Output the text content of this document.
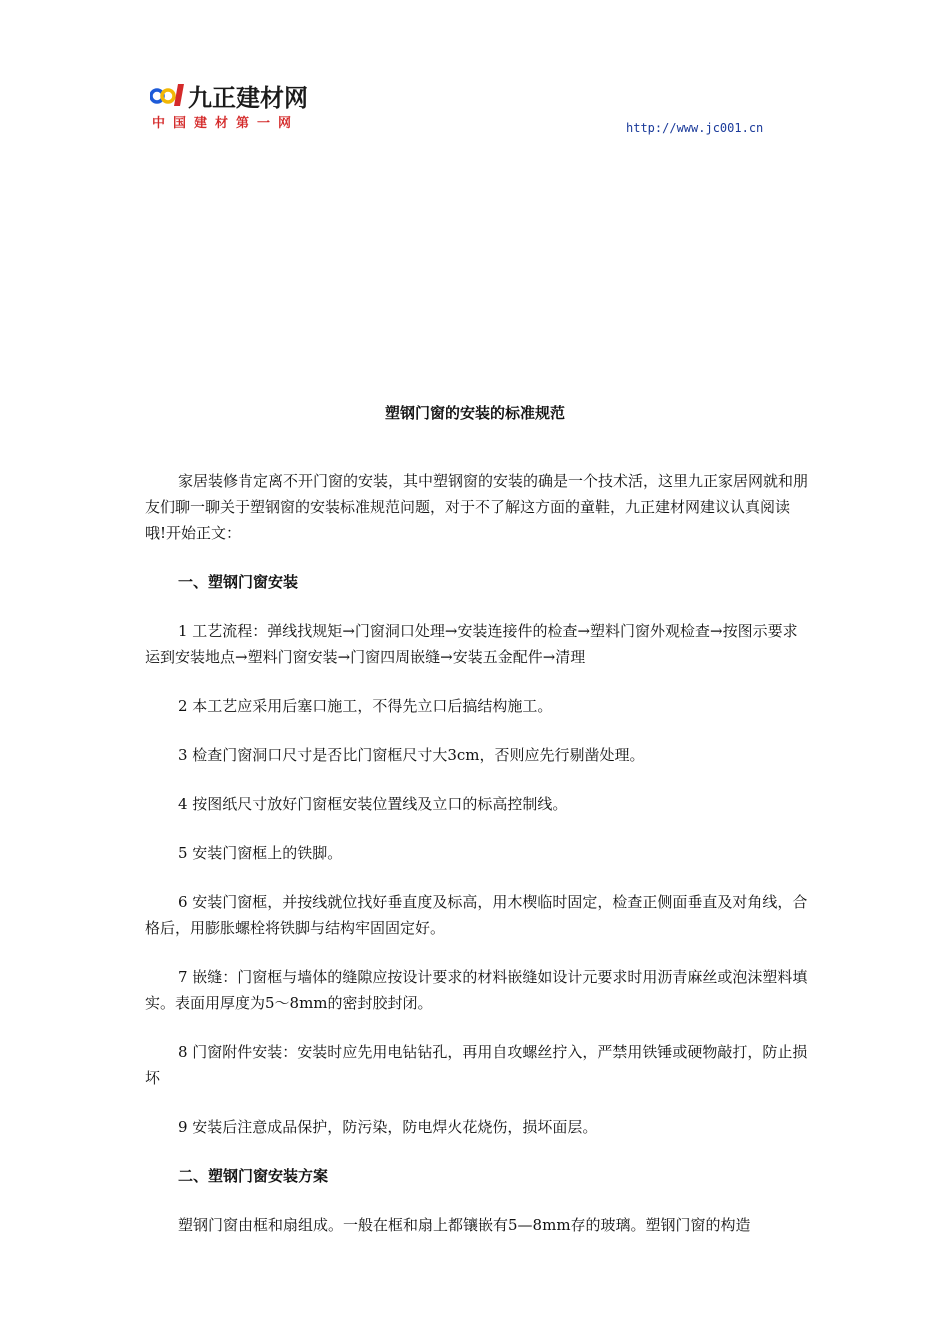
九正建材网
中国建材第一网	http://www.jc001.cn
塑钢门窗的安装的标准规范

家居装修肯定离不开门窗的安装，其中塑钢窗的安装的确是一个技术活，这里九正家居网就和朋友们聊一聊关于塑钢窗的安装标准规范问题，对于不了解这方面的童鞋，九正建材网建议认真阅读哦!开始正文：

一、塑钢门窗安装

1 工艺流程：弹线找规矩→门窗洞口处理→安装连接件的检查→塑料门窗外观检查→按图示要求运到安装地点→塑料门窗安装→门窗四周嵌缝→安装五金配件→清理

2 本工艺应采用后塞口施工，不得先立口后搞结构施工。

3 检查门窗洞口尺寸是否比门窗框尺寸大3cm，否则应先行剔凿处理。

4 按图纸尺寸放好门窗框安装位置线及立口的标高控制线。

5 安装门窗框上的铁脚。

6 安装门窗框，并按线就位找好垂直度及标高，用木楔临时固定，检查正侧面垂直及对角线，合格后，用膨胀螺栓将铁脚与结构牢固固定好。

7 嵌缝：门窗框与墙体的缝隙应按设计要求的材料嵌缝如设计元要求时用沥青麻丝或泡沫塑料填实。表面用厚度为5～8mm的密封胶封闭。

8 门窗附件安装：安装时应先用电钻钻孔，再用自攻螺丝拧入，严禁用铁锤或硬物敲打，防止损坏

9 安装后注意成品保护，防污染，防电焊火花烧伤，损坏面层。

二、塑钢门窗安装方案

塑钢门窗由框和扇组成。一般在框和扇上都镶嵌有5—8mm存的玻璃。塑钢门窗的构造
